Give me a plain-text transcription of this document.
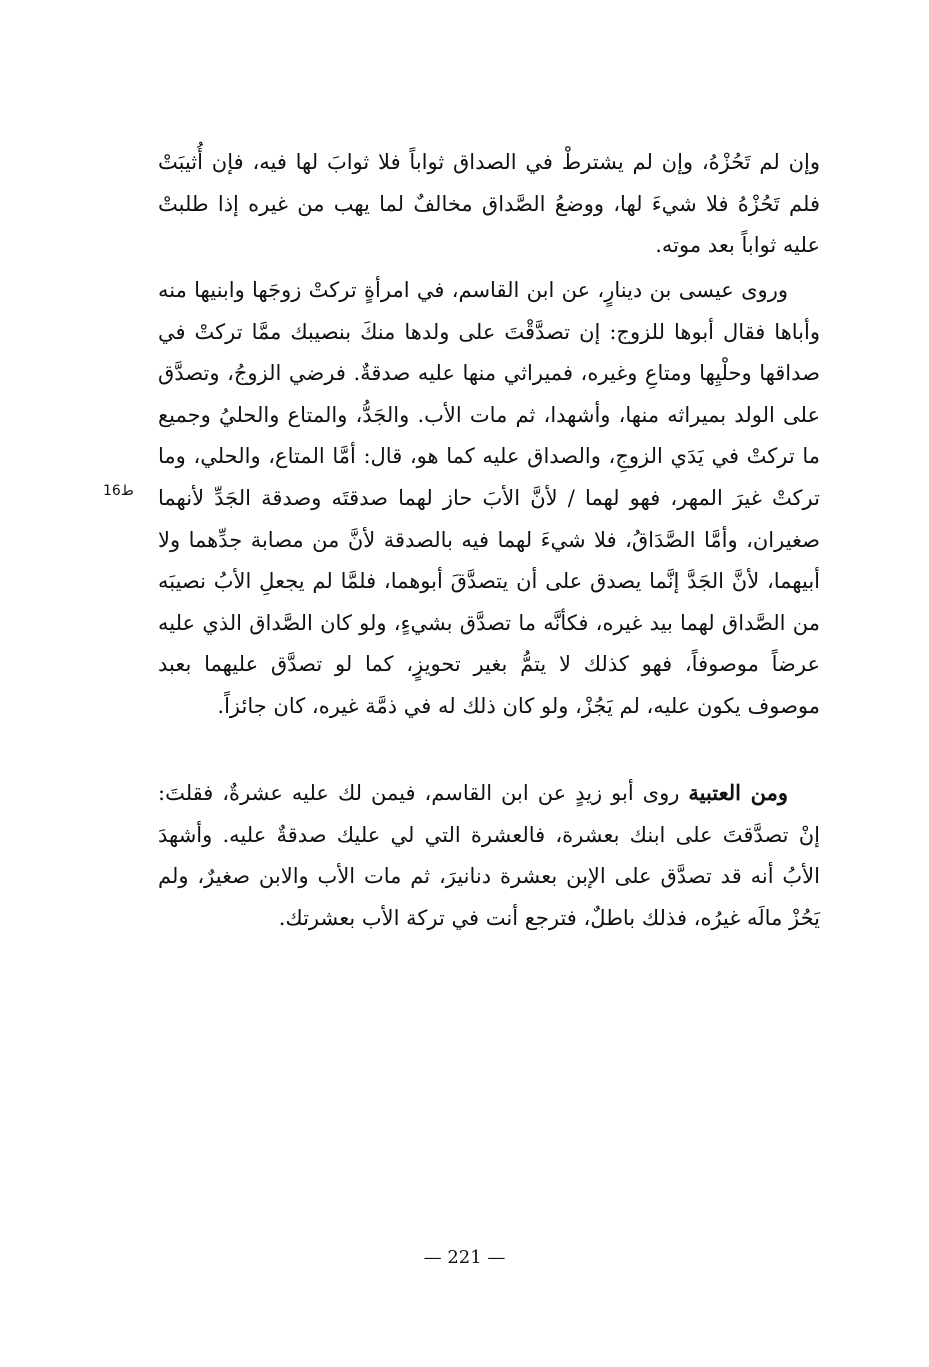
وإن لم تَحُزْهُ، وإن لم يشترطْ في الصداق ثواباً فلا ثوابَ لها فيه، فإن أُثيبَتْ فلم تَحُزْهُ فلا شيءَ لها، ووضعُ الصَّداق مخالفٌ لما يهب من غيره إذا طلبتْ عليه ثواباً بعد موته.

وروى عيسى بن دينارٍ، عن ابن القاسم، في امرأةٍ تركتْ زوجَها وابنيها منه وأباها فقال أبوها للزوج: إن تصدَّقْتَ على ولدها منكَ بنصيبك ممَّا تركتْ في صداقها وحلْيِها ومتاعِ وغيره، فميراثي منها عليه صدقةٌ. فرضي الزوجُ، وتصدَّق على الولد بميراثه منها، وأشهدا، ثم مات الأب. والجَدُّ، والمتاع والحليُ وجميع ما تركتْ في يَدَي الزوجِ، والصداق عليه كما هو، قال: أمَّا المتاع، والحلي، وما تركتْ غيرَ المهر، فهو لهما / لأنَّ الأبَ حاز لهما صدقتَه وصدقة الجَدِّ لأنهما صغيران، وأمَّا الصَّدَاقُ، فلا شيءَ لهما فيه بالصدقة لأنَّ من مصابة جدِّهما ولا أبيهما، لأنَّ الجَدَّ إنَّما يصدق على أن يتصدَّقَ أبوهما، فلمَّا لم يجعلِ الأبُ نصيبَه من الصَّداق لهما بيد غيره، فكأنَّه ما تصدَّق بشيءٍ، ولو كان الصَّداق الذي عليه عرضاً موصوفاً، فهو كذلك لا يتمُّ بغير تحويزٍ، كما لو تصدَّق عليهما بعبد موصوف يكون عليه، لم يَجُزْ، ولو كان ذلك له في ذمَّة غيره، كان جائزاً.

ومن العتبية روى أبو زيدٍ عن ابن القاسم، فيمن لك عليه عشرةٌ، فقلتَ: إنْ تصدَّقتَ على ابنك بعشرة، فالعشرة التي لي عليك صدقةٌ عليه. وأشهدَ الأبُ أنه قد تصدَّق على الإبن بعشرة دنانيرَ، ثم مات الأب والابن صغيرٌ، ولم يَحُزْ مالَه غيرُه، فذلك باطلٌ، فترجع أنت في تركة الأب بعشرتك.

ط16
— 221 —
